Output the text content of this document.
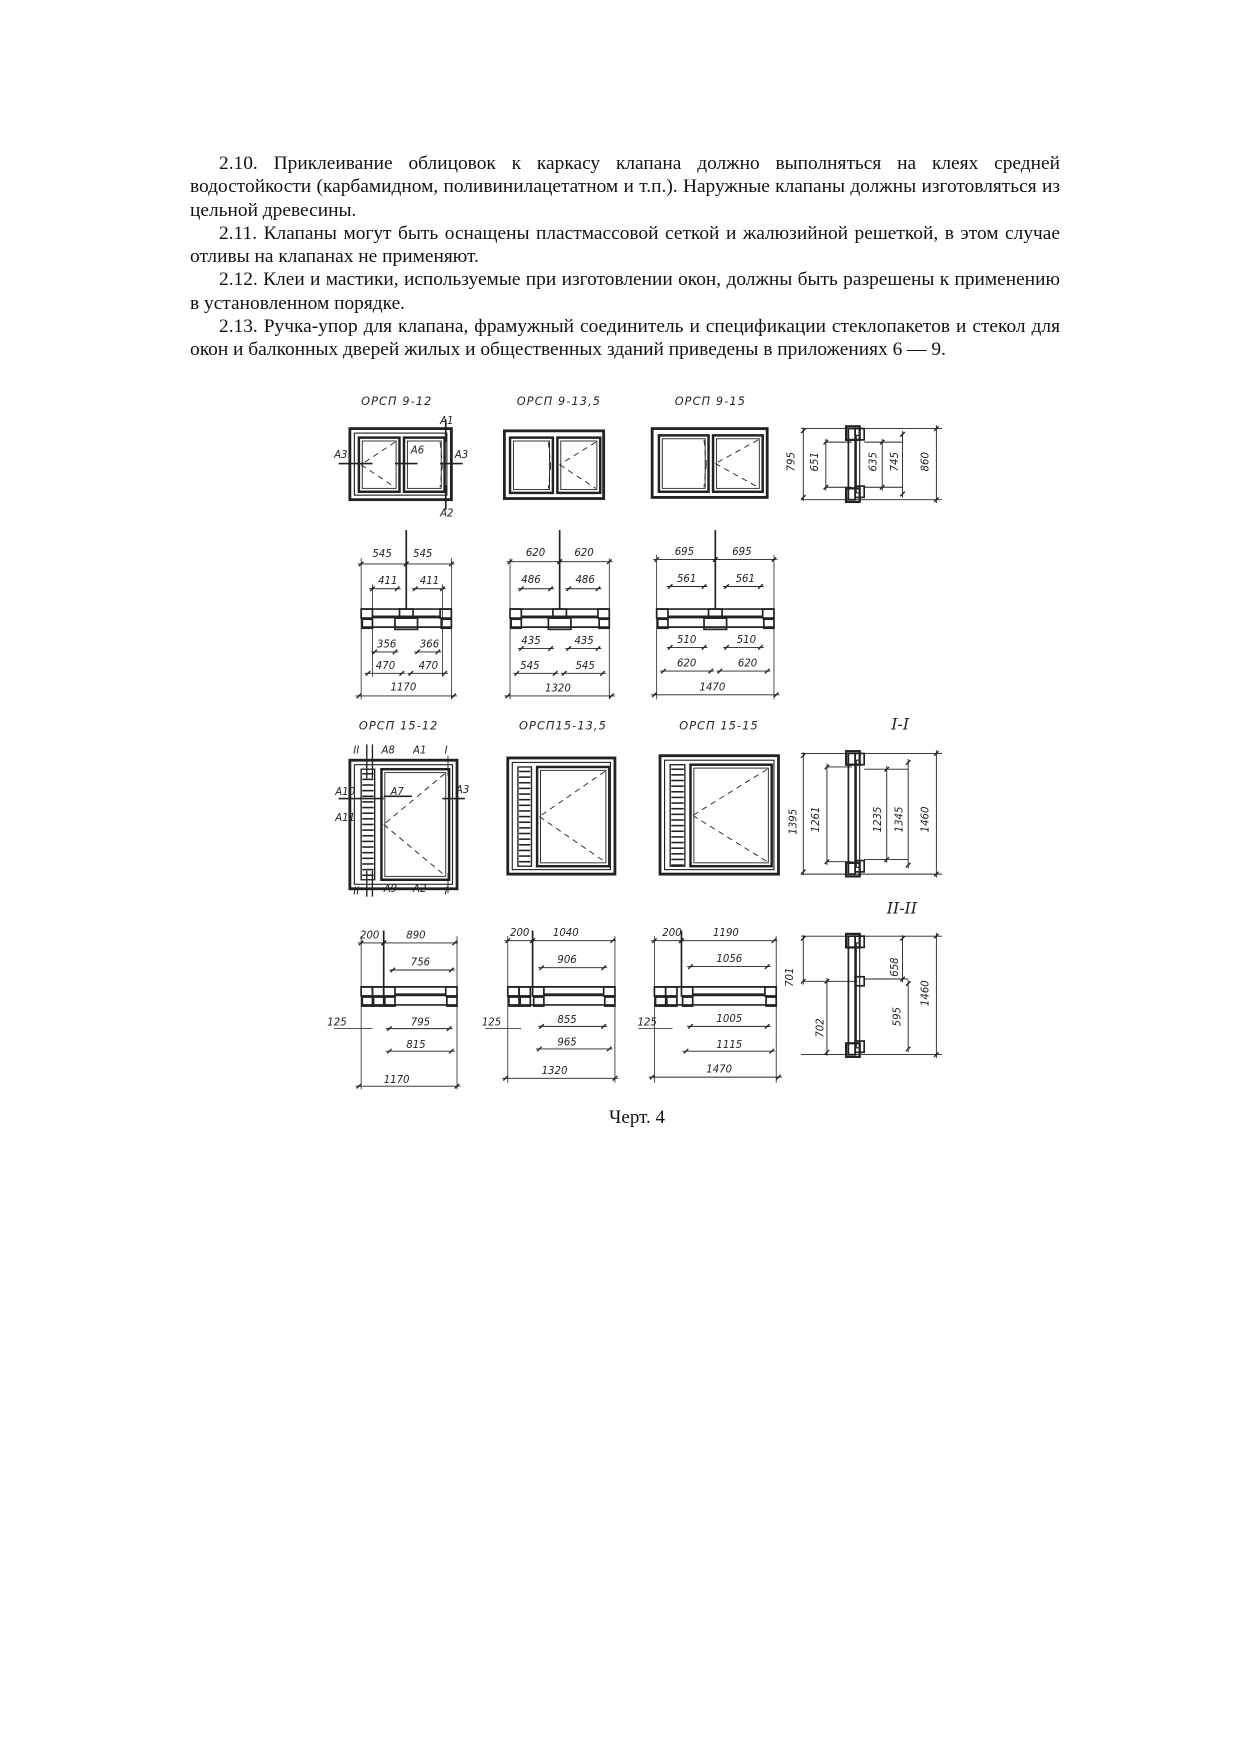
2.10. Приклеивание облицовок к каркасу клапана должно выполняться на клеях средней водостойкости (карбамидном, поливинилацетатном и т.п.). Наружные клапаны должны изготовляться из цельной древесины.

2.11. Клапаны могут быть оснащены пластмассовой сеткой и жалюзийной решеткой, в этом случае отливы на клапанах не применяют.

2.12. Клеи и мастики, используемые при изготовлении окон, должны быть разрешены к применению в установленном порядке.

2.13. Ручка-упор для клапана, фрамужный соединитель и спецификации стеклопакетов и стекол для окон и балконных дверей жилых и общественных зданий приведены в приложениях 6 — 9.

ОРСП 9-12	ОРСП 9-13,5	ОРСП 9-15
ОРСП 15-12	ОРСП15-13,5	ОРСП 15-15	I-I
II-II
A1
A3	A6	A3
A2
II A8 A1 I
A10	A7	A3
A11
II	A9 A2 I
795 651	635 745 860
545 545
411 411
356	366
470	470
1170
620	620
486	486
435	435
545	545
1320
695	695
561	561
510	510
620	620
1470
1395 1261	1235 1345 1460
200	890
756
125	795
815
1170
200	1040
906
125	855
965
1320
200	1190
1056
125	1005
1115
1470
701
702
658
595
1460
Черт. 4
